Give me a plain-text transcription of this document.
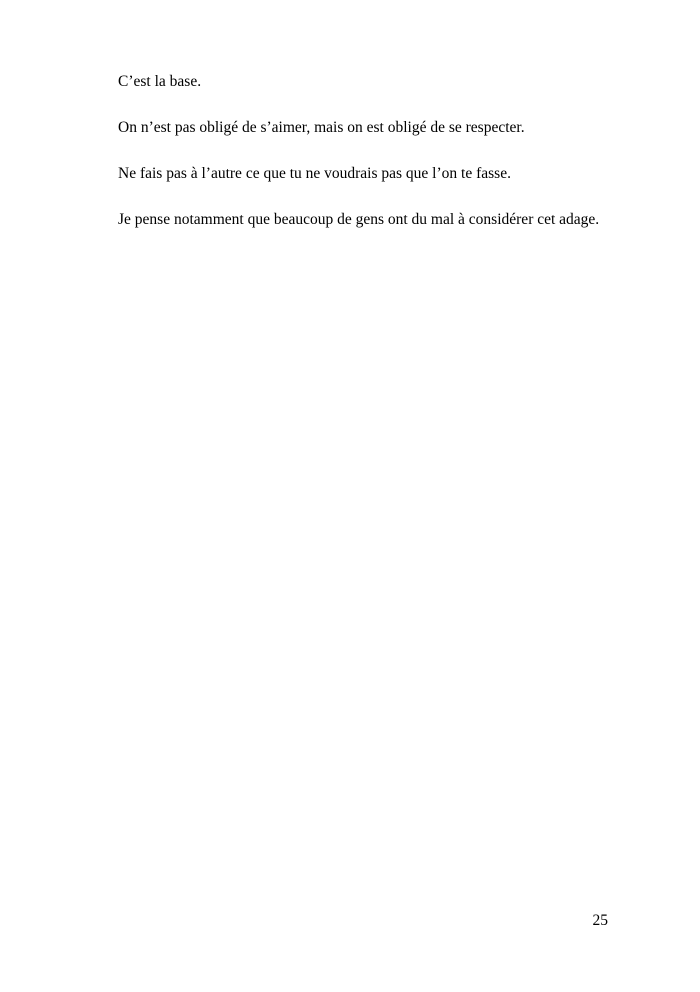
C’est la base.

On n’est pas obligé de s’aimer, mais on est obligé de se respecter.

Ne fais pas à l’autre ce que tu ne voudrais pas que l’on te fasse.

Je pense notamment que beaucoup de gens ont du mal à considérer cet adage.

25
